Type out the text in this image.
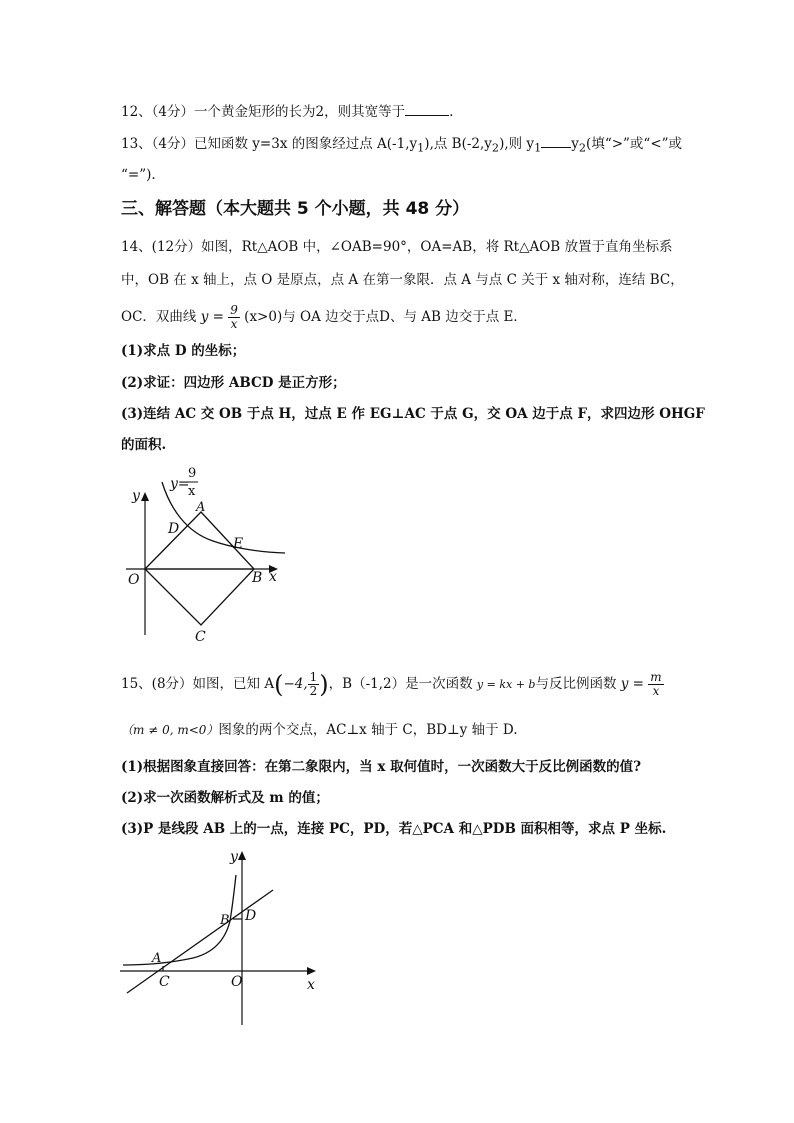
12、（4分）一个黄金矩形的长为2，则其宽等于	.
13、（4分）已知函数 y=3x 的图象经过点 $A(-1,y_1)$,点 $B(-2,y_2)$,则 $y_1$ $y_2$(填“>”或“<”或
“=”).
三、解答题（本大题共 5 个小题，共 48 分）
14、(12分）如图，Rt△AOB 中，∠OAB=90°，OA=AB，将 Rt△AOB 放置于直角坐标系
中，OB 在 x 轴上，点 O 是原点，点 A 在第一象限．点 A 与点 C 关于 x 轴对称，连结 BC，
OC．双曲线 $y = \frac{9}{x} (x>0)$与 OA 边交于点D、与 AB 边交于点 E．
(1)求点 D 的坐标；
(2)求证：四边形 ABCD 是正方形；
(3)连结 AC 交 OB 于点 H，过点 E 作 EG⊥AC 于点 G，交 OA 边于点 F，求四边形 OHGF
的面积.
y
x
O
A
B
C
D
E
y=
9
x
15、(8分）如图，已知 A(−4, $\frac{1}{2}$ )，B（-1,2）是一次函数 y = kx + b与反比例函数 $y = \frac{m}{x}$
（m ≠ 0, m<0）图象的两个交点，AC⊥x 轴于 C，BD⊥y 轴于 D.
(1)根据图象直接回答：在第二象限内，当 x 取何值时，一次函数大于反比例函数的值?
(2)求一次函数解析式及 m 的值；
(3)P 是线段 AB 上的一点，连接 PC，PD，若△PCA 和△PDB 面积相等，求点 P 坐标.
y
x
O
A
B
C
D
